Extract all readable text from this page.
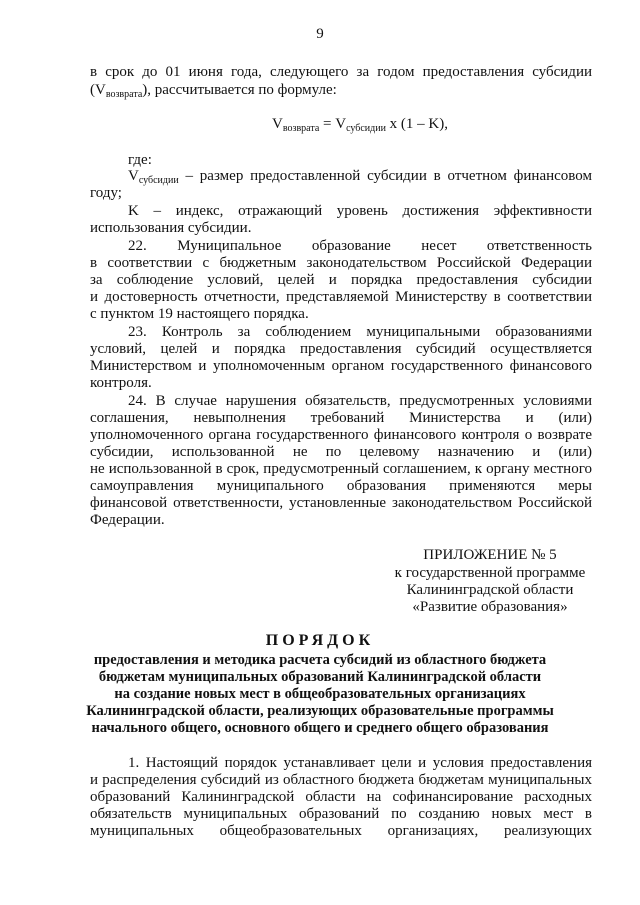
9
в срок до 01 июня года, следующего за годом предоставления субсидии
$(V_{возврата})$, рассчитывается по формуле:
$V_{возврата} = V_{субсидии}$ х (1 – K),
где:
$V_{субсидии}$ – размер предоставленной субсидии в отчетном финансовом
году;
K – индекс, отражающий уровень достижения эффективности
использования субсидии.
22. Муниципальное образование несет ответственность
в соответствии с бюджетным законодательством Российской Федерации
за соблюдение условий, целей и порядка предоставления субсидии
и достоверность отчетности, представляемой Министерству в соответствии
с пунктом 19 настоящего порядка.
23. Контроль за соблюдением муниципальными образованиями
условий, целей и порядка предоставления субсидий осуществляется
Министерством и уполномоченным органом государственного финансового
контроля.
24. В случае нарушения обязательств, предусмотренных условиями
соглашения, невыполнения требований Министерства и (или)
уполномоченного органа государственного финансового контроля о возврате
субсидии, использованной не по целевому назначению и (или)
не использованной в срок, предусмотренный соглашением, к органу местного
самоуправления муниципального образования применяются меры
финансовой ответственности, установленные законодательством Российской
Федерации.
ПРИЛОЖЕНИЕ № 5
к государственной программе
Калининградской области
«Развитие образования»
ПОРЯДОК
предоставления и методика расчета субсидий из областного бюджета
бюджетам муниципальных образований Калининградской области
на создание новых мест в общеобразовательных организациях
Калининградской области, реализующих образовательные программы
начального общего, основного общего и среднего общего образования
1. Настоящий порядок устанавливает цели и условия предоставления
и распределения субсидий из областного бюджета бюджетам муниципальных
образований Калининградской области на софинансирование расходных
обязательств муниципальных образований по созданию новых мест в
муниципальных общеобразовательных организациях, реализующих
